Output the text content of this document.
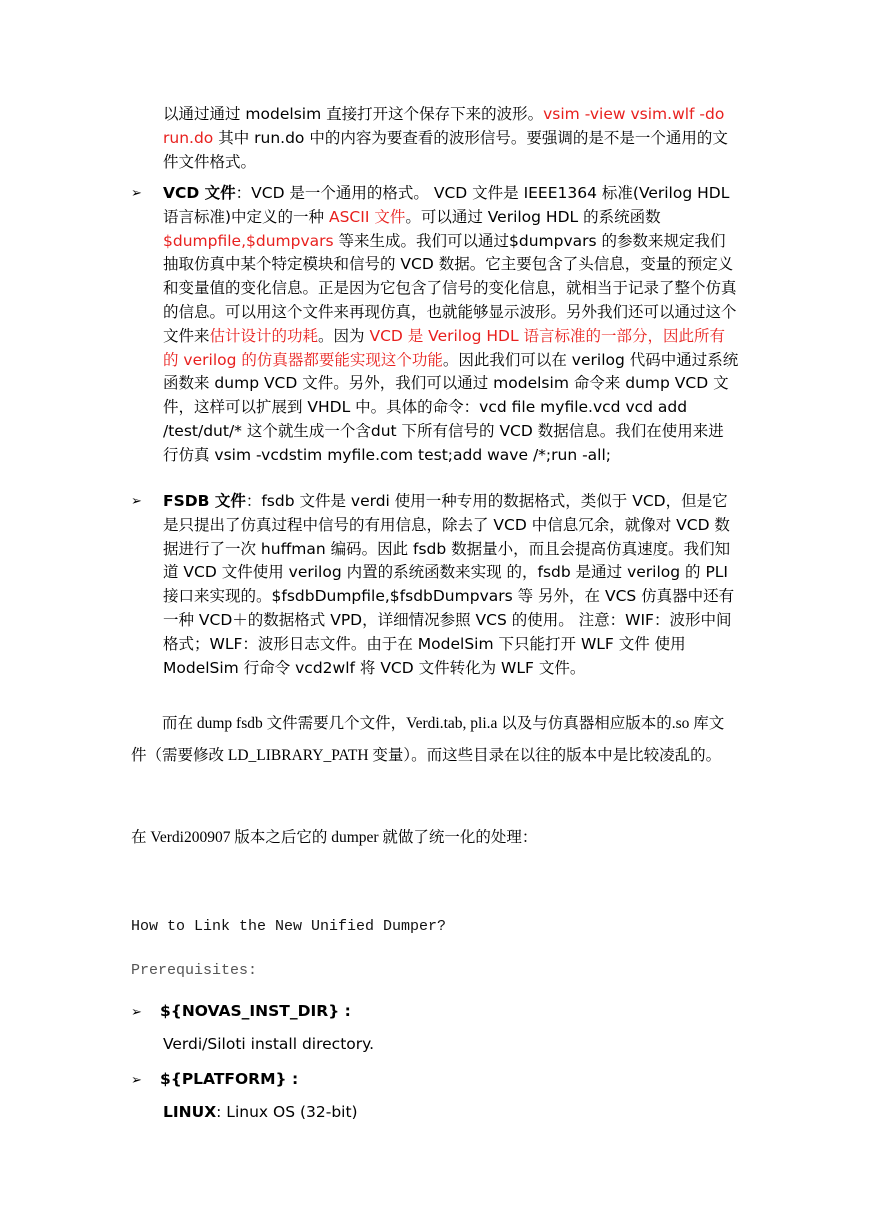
以通过通过 modelsim 直接打开这个保存下来的波形。vsim -view vsim.wlf -do run.do 其中 run.do 中的内容为要查看的波形信号。要强调的是不是一个通用的文件文件格式。
➢ VCD 文件：VCD 是一个通用的格式。 VCD 文件是 IEEE1364 标准(Verilog HDL 语言标准)中定义的一种 ASCII 文件。可以通过 Verilog HDL 的系统函数 $dumpfile,$dumpvars 等来生成。我们可以通过$dumpvars 的参数来规定我们抽取仿真中某个特定模块和信号的 VCD 数据。它主要包含了头信息，变量的预定义和变量值的变化信息。正是因为它包含了信号的变化信息，就相当于记录了整个仿真的信息。可以用这个文件来再现仿真，也就能够显示波形。另外我们还可以通过这个文件来估计设计的功耗。因为 VCD 是 Verilog HDL 语言标准的一部分，因此所有的 verilog 的仿真器都要能实现这个功能。因此我们可以在 verilog 代码中通过系统函数来 dump VCD 文件。另外，我们可以通过 modelsim 命令来 dump VCD 文件，这样可以扩展到 VHDL 中。具体的命令：vcd file myfile.vcd vcd add /test/dut/* 这个就生成一个含dut 下所有信号的 VCD 数据信息。我们在使用来进行仿真 vsim -vcdstim myfile.com test;add wave /*;run -all;
➢ FSDB 文件：fsdb 文件是 verdi 使用一种专用的数据格式，类似于 VCD，但是它是只提出了仿真过程中信号的有用信息，除去了 VCD 中信息冗余，就像对 VCD 数据进行了一次 huffman 编码。因此 fsdb 数据量小，而且会提高仿真速度。我们知道 VCD 文件使用 verilog 内置的系统函数来实现 的，fsdb 是通过 verilog 的 PLI 接口来实现的。$fsdbDumpfile,$fsdbDumpvars 等 另外，在 VCS 仿真器中还有一种 VCD＋的数据格式 VPD，详细情况参照 VCS 的使用。 注意：WIF：波形中间格式；WLF：波形日志文件。由于在 ModelSim 下只能打开 WLF 文件 使用 ModelSim 行命令 vcd2wlf 将 VCD 文件转化为 WLF 文件。
而在 dump fsdb 文件需要几个文件，Verdi.tab, pli.a 以及与仿真器相应版本的.so 库文件（需要修改 LD_LIBRARY_PATH 变量）。而这些目录在以往的版本中是比较凌乱的。
在 Verdi200907 版本之后它的 dumper 就做了统一化的处理：
How to Link the New Unified Dumper?
Prerequisites:
➢ ${NOVAS_INST_DIR} :
Verdi/Siloti install directory.
➢ ${PLATFORM} :
LINUX: Linux OS (32-bit)
